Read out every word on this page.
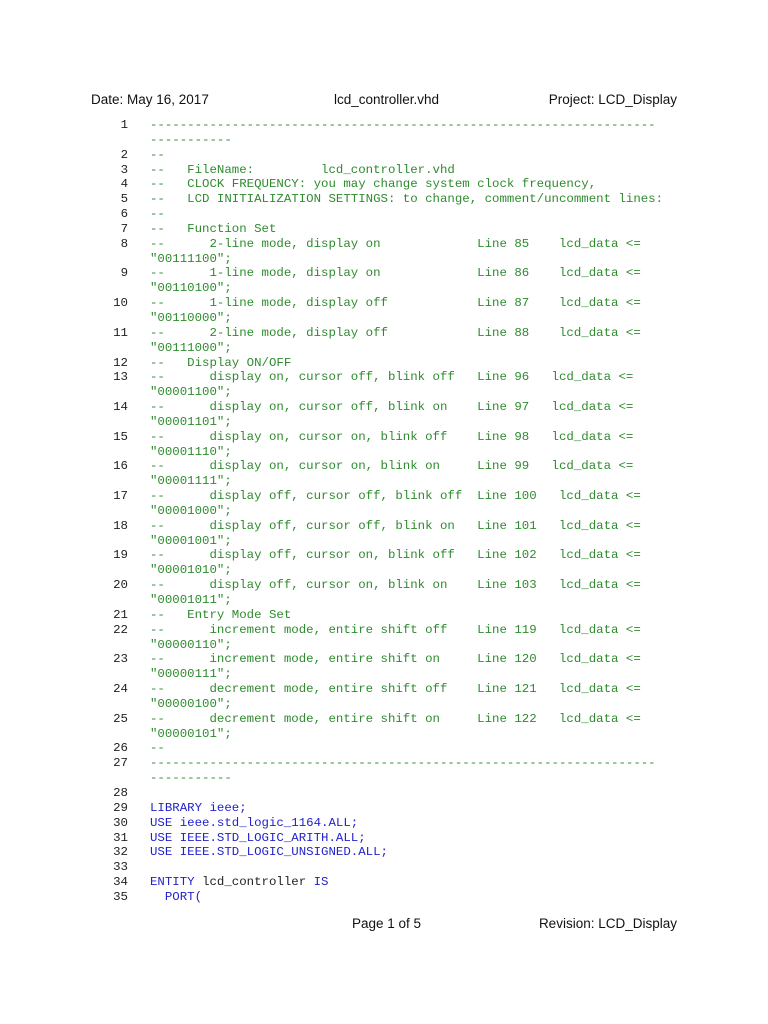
Date: May 16, 2017	lcd_controller.vhd	Project: LCD_Display
1 --------------------------------------------------------------------
-----------
2 --
3 --   FileName:         lcd_controller.vhd
4 --   CLOCK FREQUENCY: you may change system clock frequency,
5 --   LCD INITIALIZATION SETTINGS: to change, comment/uncomment lines:
6 --
7 --   Function Set
8 --      2-line mode, display on             Line 85    lcd_data <=
"00111100";
9 --      1-line mode, display on             Line 86    lcd_data <=
"00110100";
10 --      1-line mode, display off            Line 87    lcd_data <=
"00110000";
11 --      2-line mode, display off            Line 88    lcd_data <=
"00111000";
12 --   Display ON/OFF
13 --      display on, cursor off, blink off   Line 96   lcd_data <=
"00001100";
14 --      display on, cursor off, blink on    Line 97   lcd_data <=
"00001101";
15 --      display on, cursor on, blink off    Line 98   lcd_data <=
"00001110";
16 --      display on, cursor on, blink on     Line 99   lcd_data <=
"00001111";
17 --      display off, cursor off, blink off  Line 100   lcd_data <=
"00001000";
18 --      display off, cursor off, blink on   Line 101   lcd_data <=
"00001001";
19 --      display off, cursor on, blink off   Line 102   lcd_data <=
"00001010";
20 --      display off, cursor on, blink on    Line 103   lcd_data <=
"00001011";
21 --   Entry Mode Set
22 --      increment mode, entire shift off    Line 119   lcd_data <=
"00000110";
23 --      increment mode, entire shift on     Line 120   lcd_data <=
"00000111";
24 --      decrement mode, entire shift off    Line 121   lcd_data <=
"00000100";
25 --      decrement mode, entire shift on     Line 122   lcd_data <=
"00000101";
26 --
27 --------------------------------------------------------------------
-----------
28
29 LIBRARY ieee;
30 USE ieee.std_logic_1164.ALL;
31 USE IEEE.STD_LOGIC_ARITH.ALL;
32 USE IEEE.STD_LOGIC_UNSIGNED.ALL;
33
34 ENTITY lcd_controller IS
35 PORT(
Page 1 of 5	Revision: LCD_Display
